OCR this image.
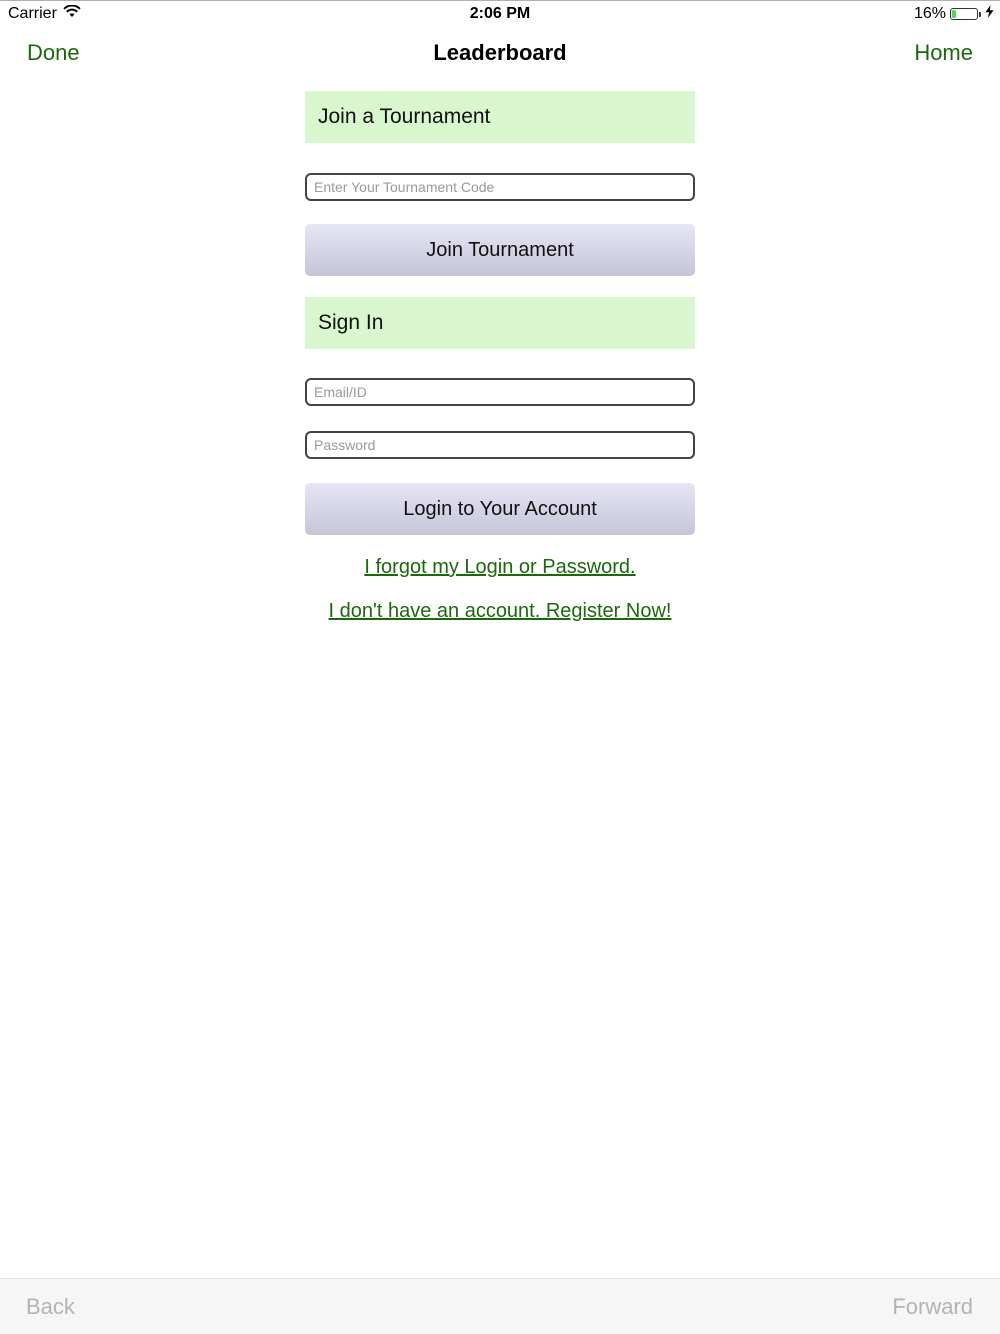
Carrier	2:06 PM	16%
Done	Leaderboard	Home
Join a Tournament
Enter Your Tournament Code
Join Tournament
Sign In
Email/ID
Login to Your Account
I forgot my Login or Password.
I don't have an account. Register Now!
Back	Forward
